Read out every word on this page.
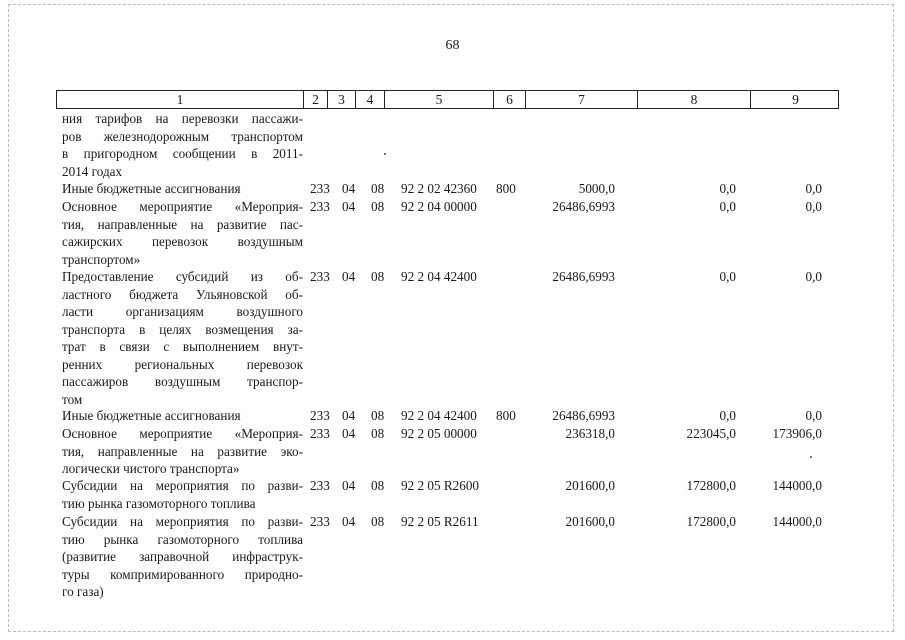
68
1	2	3	4	5	6	7	8	9
ния тарифов на перевозки пассажи-
ров железнодорожным транспортом
в пригородном сообщении в 2011-
2014 годах
Иные бюджетные ассигнования	233 04 08 92 2 02 42360 800	5000,0	0,0	0,0
Основное мероприятие «Мероприя-
тия, направленные на развитие пас-
сажирских перевозок воздушным
транспортом»
233 04 08 92 2 04 00000	26486,6993	0,0	0,0
Предоставление субсидий из об-
ластного бюджета Ульяновской об-
ласти организациям воздушного
транспорта в целях возмещения за-
трат в связи с выполнением внут-
ренних региональных перевозок
пассажиров воздушным транспор-
том
233 04 08 92 2 04 42400	26486,6993	0,0	0,0
Иные бюджетные ассигнования	233 04 08 92 2 04 42400 800	26486,6993	0,0	0,0
Основное мероприятие «Мероприя-
тия, направленные на развитие эко-
логически чистого транспорта»
233 04 08 92 2 05 00000	236318,0	223045,0	173906,0
Субсидии на мероприятия по разви-
тию рынка газомоторного топлива
233 04 08 92 2 05 R2600	201600,0	172800,0	144000,0
Субсидии на мероприятия по разви-
тию рынка газомоторного топлива
(развитие заправочной инфраструк-
туры компримированного природно-
го газа)
233 04 08 92 2 05 R2611	201600,0	172800,0	144000,0
